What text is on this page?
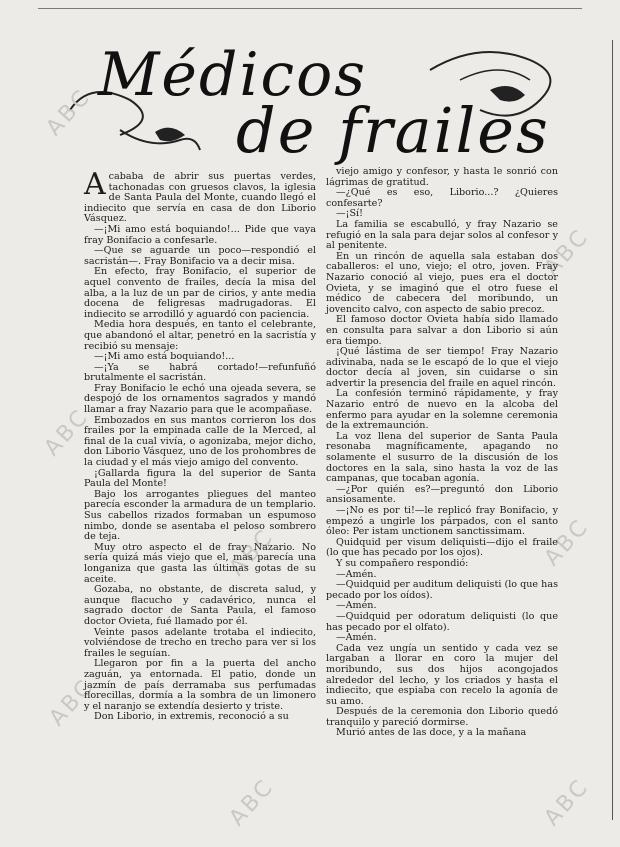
Médicos
de frailes
ABC
ABC
ABC
ABC
ABC
ABC
ABC
ABC

Acababa de abrir sus puertas verdes, tachonadas con gruesos clavos, la iglesia de Santa Paula del Monte, cuando llegó el indiecito que servía en casa de don Liborio Vásquez.

—¡Mi amo está boquiando!... Pide que vaya fray Bonifacio a confesarle.

—Que se aguarde un poco—respondió el sacristán—. Fray Bonifacio va a decir misa.

En efecto, fray Bonifacio, el superior de aquel convento de frailes, decía la misa del alba, a la luz de un par de cirios, y ante media docena de feligresas madrugadoras. El indiecito se arrodilló y aguardó con paciencia.

Media hora después, en tanto el celebrante, que abandonó el altar, penetró en la sacristía y recibió su mensaje:

—¡Mi amo está boquiando!...

—¡Ya se habrá cortado!—refunfuñó brutalmente el sacristán.

Fray Bonifacio le echó una ojeada severa, se despojó de los ornamentos sagrados y mandó llamar a fray Nazario para que le acompañase.

Embozados en sus mantos corrieron los dos frailes por la empinada calle de la Merced, al final de la cual vivía, o agonizaba, mejor dicho, don Liborio Vásquez, uno de los prohombres de la ciudad y el más viejo amigo del convento.

¡Gallarda figura la del superior de Santa Paula del Monte!

Bajo los arrogantes pliegues del manteo parecía esconder la armadura de un templario. Sus cabellos rizados formaban un espumoso nimbo, donde se asentaba el peloso sombrero de teja.

Muy otro aspecto el de fray Nazario. No sería quizá más viejo que el, mas parecía una longaniza que gasta las últimas gotas de su aceite.

Gozaba, no obstante, de discreta salud, y aunque flacucho y cadavérico, nunca el sagrado doctor de Santa Paula, el famoso doctor Ovieta, fué llamado por él.

Veinte pasos adelante trotaba el indiecito, volviéndose de trecho en trecho para ver si los frailes le seguían.

Llegaron por fin a la puerta del ancho zaguán, ya entornada. El patio, donde un jazmín de país derramaba sus perfumadas florecillas, dormía a la sombra de un limonero y el naranjo se extendía desierto y triste.

Don Liborio, in extremis, reconoció a su

viejo amigo y confesor, y hasta le sonrió con lágrimas de gratitud.

—¿Qué es eso, Liborio...? ¿Quieres confesarte?

—¡Sí!

La familia se escabulló, y fray Nazario se refugió en la sala para dejar solos al confesor y al penitente.

En un rincón de aquella sala estaban dos caballeros: el uno, viejo; el otro, joven. Fray Nazario conoció al viejo, pues era el doctor Ovieta, y se imaginó que el otro fuese el médico de cabecera del moribundo, un jovencito calvo, con aspecto de sabio precoz.

El famoso doctor Ovieta había sido llamado en consulta para salvar a don Liborio si aún era tiempo.

¡Qué lástima de ser tiempo! Fray Nazario adivinaba, nada se le escapó de lo que el viejo doctor decía al joven, sin cuidarse o sin advertir la presencia del fraile en aquel rincón.

La confesión terminó rápidamente, y fray Nazario entró de nuevo en la alcoba del enfermo para ayudar en la solemne ceremonia de la extremaunción.

La voz llena del superior de Santa Paula resonaba magníficamente, apagando no solamente el susurro de la discusión de los doctores en la sala, sino hasta la voz de las campanas, que tocaban agonía.

—¿Por quién es?—preguntó don Liborio ansiosamente.

—¡No es por ti!—le replicó fray Bonifacio, y empezó a ungirle los párpados, con el santo óleo: Per istam unctionem sanctissimam.

Quidquid per visum deliquisti—dijo el fraile (lo que has pecado por los ojos).

Y su compañero respondió:

—Amén.

—Quidquid per auditum deliquisti (lo que has pecado por los oídos).

—Amén.

—Quidquid per odoratum deliquisti (lo que has pecado por el olfato).

—Amén.

Cada vez ungía un sentido y cada vez se largaban a llorar en coro la mujer del moribundo, sus dos hijos acongojados alrededor del lecho, y los criados y hasta el indiecito, que espiaba con recelo la agonía de su amo.

Después de la ceremonia don Liborio quedó tranquilo y pareció dormirse.

Murió antes de las doce, y a la mañana
